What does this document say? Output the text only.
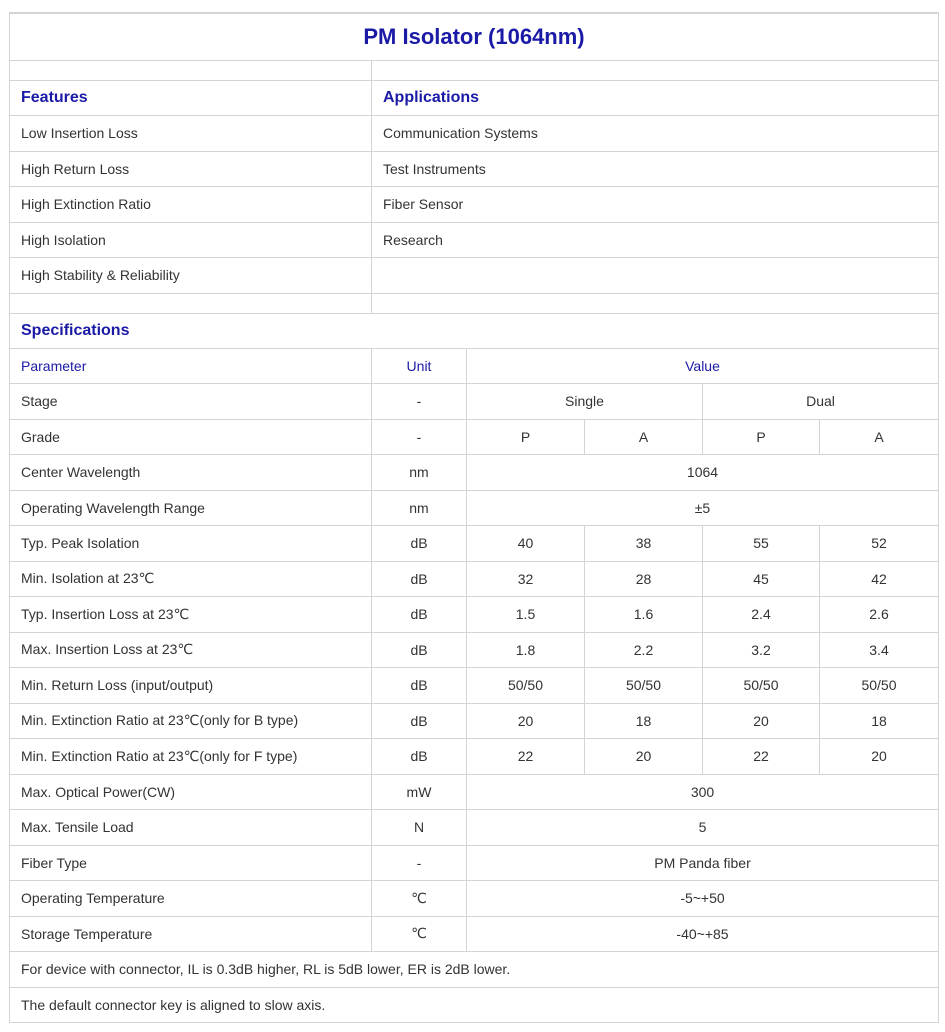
PM Isolator (1064nm)					

Features	Applications				
Low Insertion Loss	Communication Systems				
High Return Loss	Test Instruments				
High Extinction Ratio	Fiber Sensor				
High Isolation	Research				
High Stability & Reliability					

Specifications					
Parameter	Unit	Value			
Stage	-	Single		Dual	
Grade	-	P	A	P	A
Center Wavelength	nm	1064			
Operating Wavelength Range	nm	±5			
Typ. Peak Isolation	dB	40	38	55	52
Min. Isolation at 23℃	dB	32	28	45	42
Typ. Insertion Loss at 23℃	dB	1.5	1.6	2.4	2.6
Max. Insertion Loss at 23℃	dB	1.8	2.2	3.2	3.4
Min. Return Loss (input/output)	dB	50/50	50/50	50/50	50/50
Min. Extinction Ratio at 23℃(only for B type)	dB	20	18	20	18
Min. Extinction Ratio at 23℃(only for F type)	dB	22	20	22	20
Max. Optical Power(CW)	mW	300			
Max. Tensile Load	N	5			
Fiber Type	-	PM Panda fiber			
Operating Temperature	℃	-5~+50			
Storage Temperature	℃	-40~+85			
For device with connector, IL is 0.3dB higher, RL is 5dB lower, ER is 2dB lower.					
The default connector key is aligned to slow axis.					
